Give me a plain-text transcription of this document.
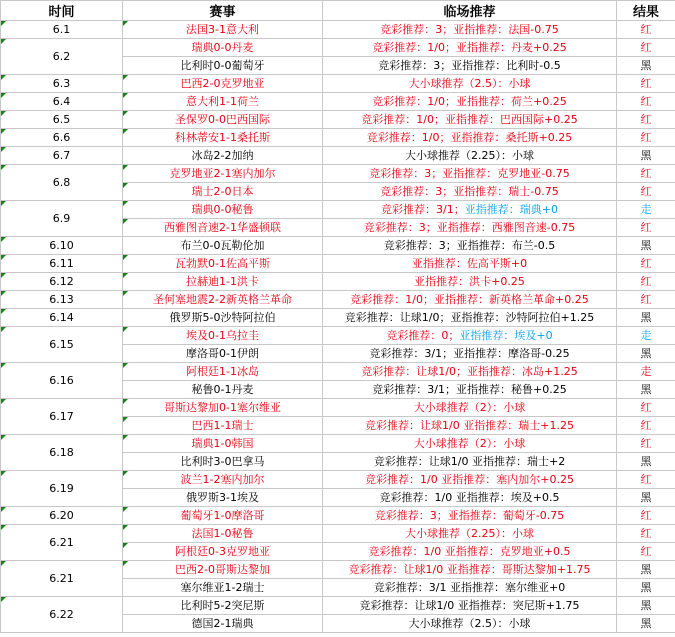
时间	赛事	临场推荐	结果
6.1	法国3-1意大利	竞彩推荐：3；亚指推荐：法国-0.75	红
6.2	瑞典0-0丹麦	竞彩推荐：1/0；亚指推荐：丹麦+0.25	红
	比利时0-0葡萄牙	竞彩推荐：3；亚指推荐：比利时-0.5	黑
6.3	巴西2-0克罗地亚	大小球推荐（2.5）：小球	红
6.4	意大利1-1荷兰	竞彩推荐：1/0；亚指推荐：荷兰+0.25	红
6.5	圣保罗0-0巴西国际	竞彩推荐：1/0；亚指推荐：巴西国际+0.25	红
6.6	科林蒂安1-1桑托斯	竞彩推荐：1/0；亚指推荐：桑托斯+0.25	红
6.7	冰岛2-2加纳	大小球推荐（2.25）：小球	黑
6.8	克罗地亚2-1塞内加尔	竞彩推荐：3；亚指推荐：克罗地亚-0.75	红
	瑞士2-0日本	竞彩推荐：3；亚指推荐：瑞士-0.75	红
6.9	瑞典0-0秘鲁	竞彩推荐：3/1；亚指推荐：瑞典+0	走
	西雅图音速2-1华盛顿联	竞彩推荐：3；亚指推荐：西雅图音速-0.75	红
6.10	布兰0-0瓦勒伦加	竞彩推荐：3；亚指推荐：布兰-0.5	黑
6.11	瓦勃默0-1佐高平斯	亚指推荐：佐高平斯+0	红
6.12	拉赫迪1-1洪卡	亚指推荐：洪卡+0.25	红
6.13	圣何塞地震2-2新英格兰革命	竞彩推荐：1/0；亚指推荐：新英格兰革命+0.25	红
6.14	俄罗斯5-0沙特阿拉伯	竞彩推荐：让球1/0；亚指推荐：沙特阿拉伯+1.25	黑
6.15	埃及0-1乌拉圭	竞彩推荐：0；亚指推荐：埃及+0	走
	摩洛哥0-1伊朗	竞彩推荐：3/1；亚指推荐：摩洛哥-0.25	黑
6.16	阿根廷1-1冰岛	竞彩推荐：让球1/0；亚指推荐：冰岛+1.25	走
	秘鲁0-1丹麦	竞彩推荐：3/1；亚指推荐：秘鲁+0.25	黑
6.17	哥斯达黎加0-1塞尔维亚	大小球推荐（2）：小球	红
	巴西1-1瑞士	竞彩推荐：让球1/0 亚指推荐：瑞士+1.25	红
6.18	瑞典1-0韩国	大小球推荐（2）：小球	红
	比利时3-0巴拿马	竞彩推荐：让球1/0 亚指推荐：瑞士+2	黑
6.19	波兰1-2塞内加尔	竞彩推荐：1/0 亚指推荐：塞内加尔+0.25	红
	俄罗斯3-1埃及	竞彩推荐：1/0 亚指推荐：埃及+0.5	黑
6.20	葡萄牙1-0摩洛哥	竞彩推荐：3；亚指推荐：葡萄牙-0.75	红
6.21	法国1-0秘鲁	大小球推荐（2.25）：小球	红
	阿根廷0-3克罗地亚	竞彩推荐：1/0 亚指推荐：克罗地亚+0.5	红
6.21	巴西2-0哥斯达黎加	竞彩推荐：让球1/0 亚指推荐：哥斯达黎加+1.75	黑
	塞尔维亚1-2瑞士	竞彩推荐：3/1 亚指推荐：塞尔维亚+0	黑
6.22	比利时5-2突尼斯	竞彩推荐：让球1/0 亚指推荐：突尼斯+1.75	黑
	德国2-1瑞典	大小球推荐（2.5）：小球	黑
